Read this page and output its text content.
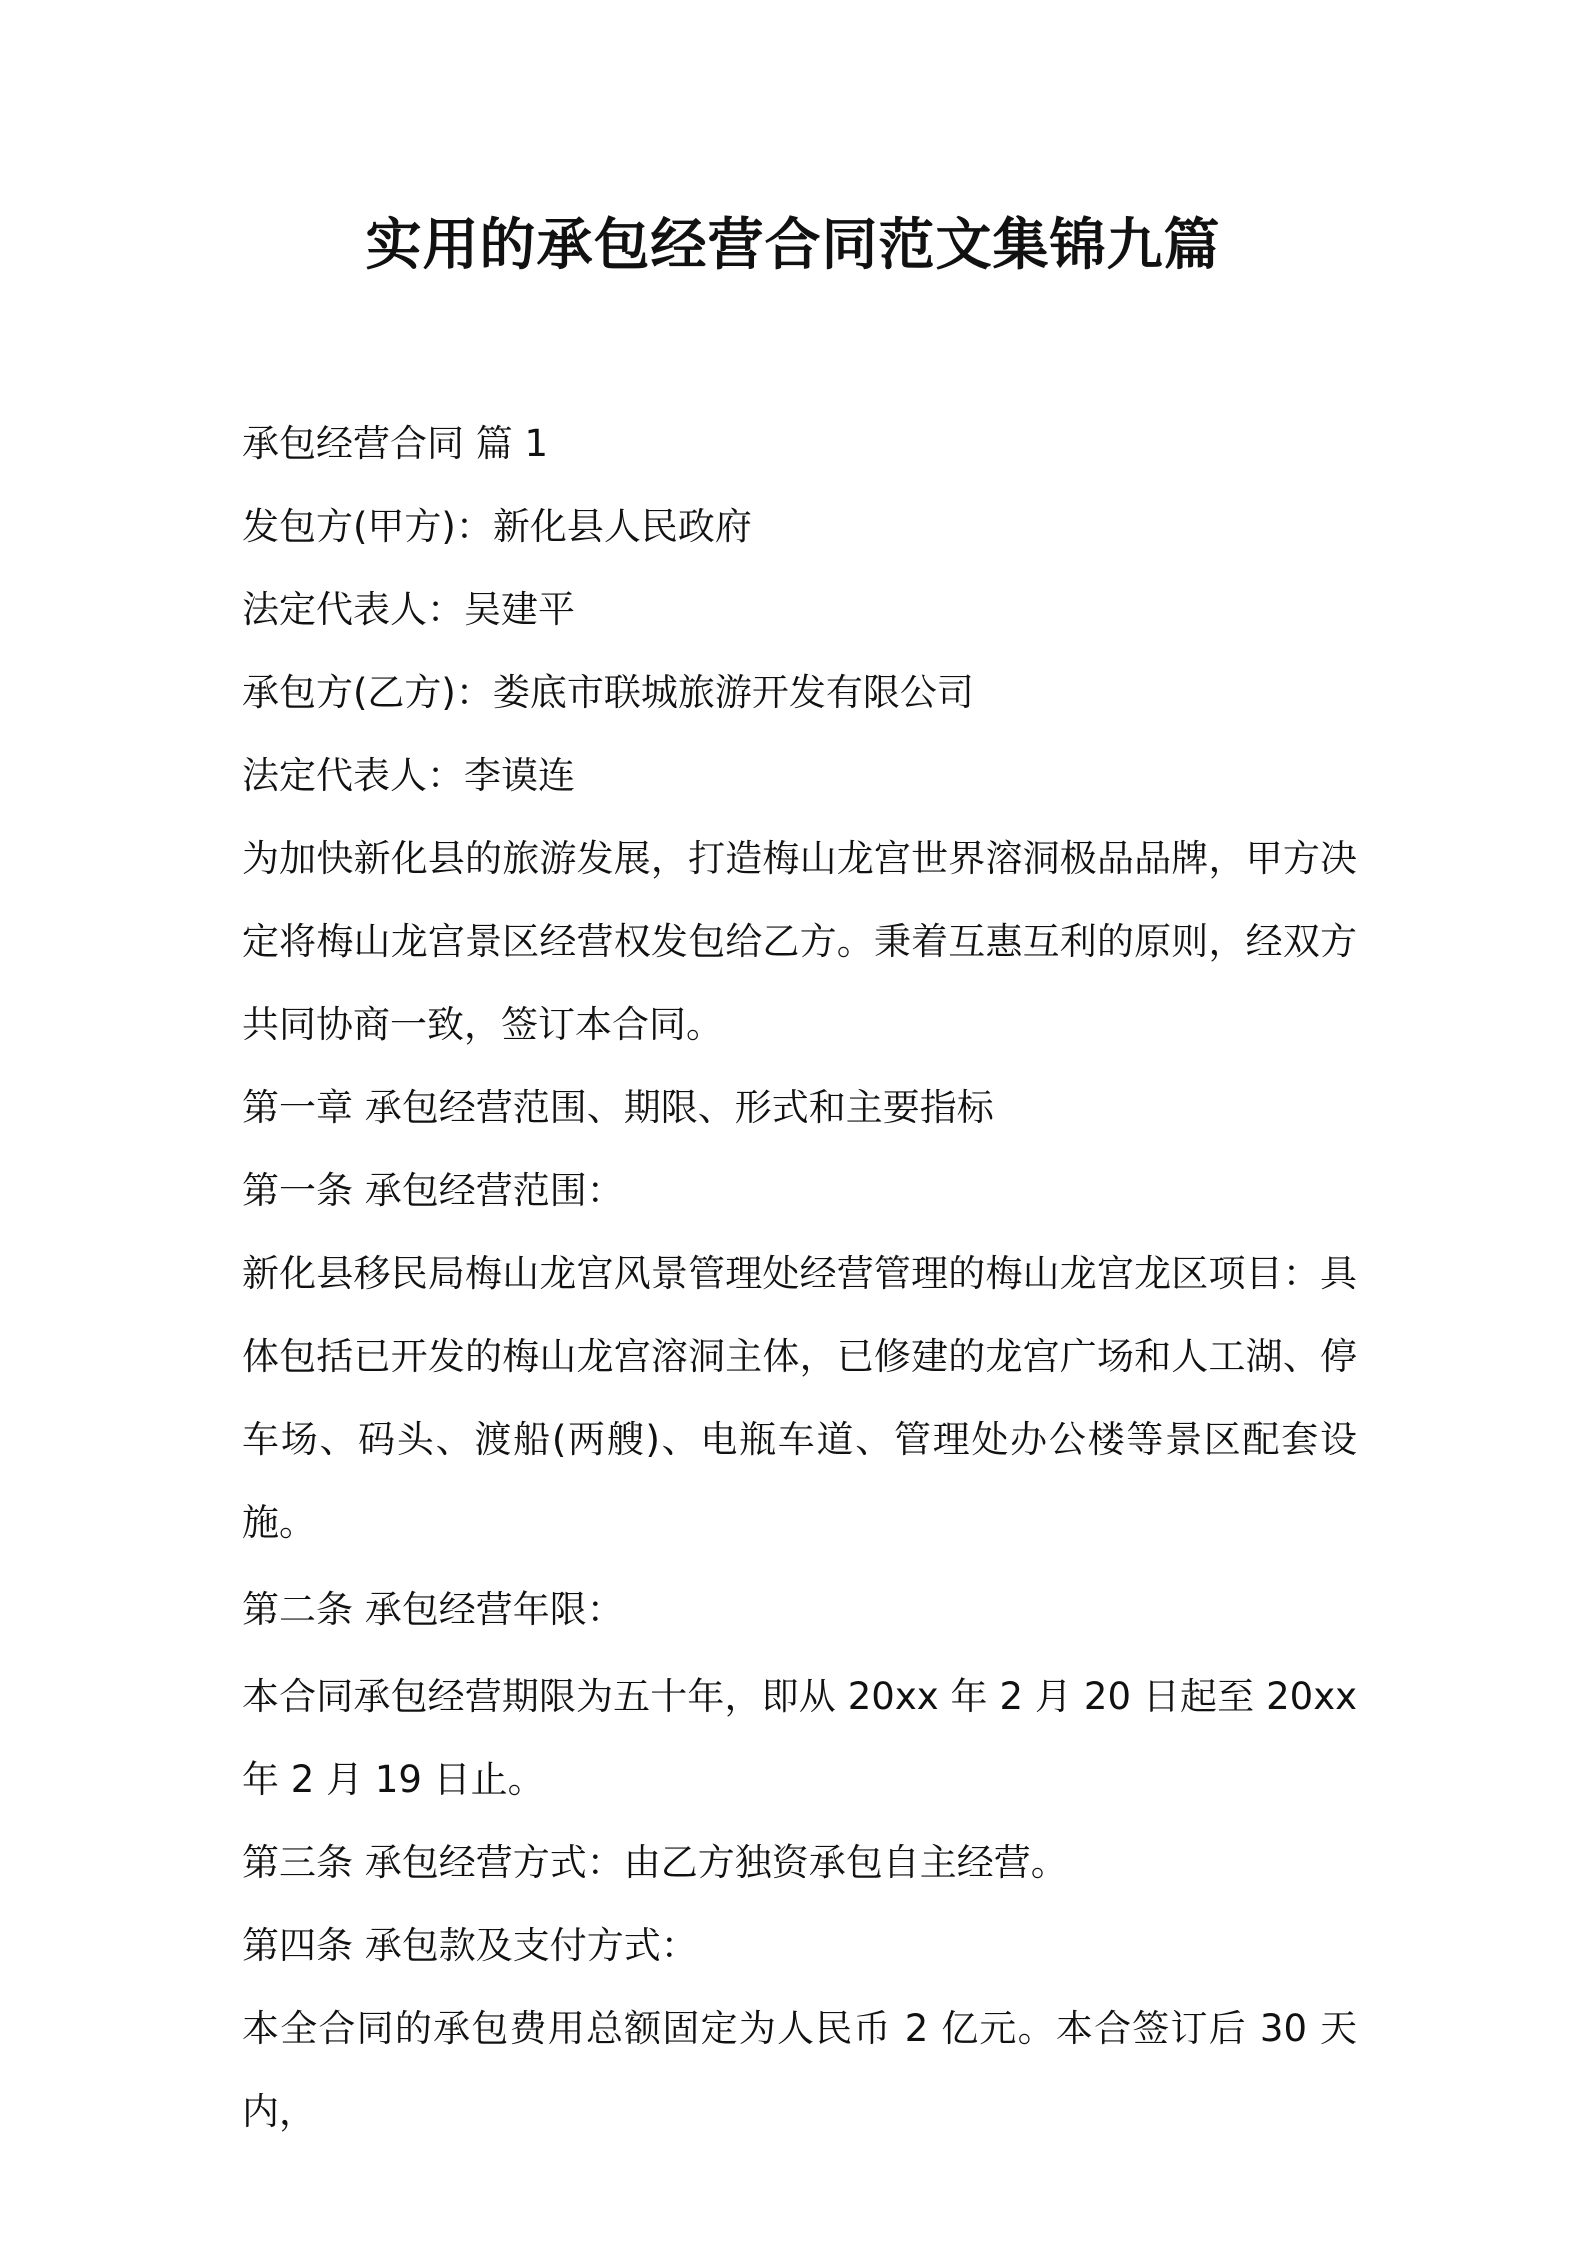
实用的承包经营合同范文集锦九篇

承包经营合同 篇 1

发包方(甲方)：新化县人民政府

法定代表人：吴建平

承包方(乙方)：娄底市联城旅游开发有限公司

法定代表人：李谟连

为加快新化县的旅游发展，打造梅山龙宫世界溶洞极品品牌，甲方决定将梅山龙宫景区经营权发包给乙方。秉着互惠互利的原则，经双方共同协商一致，签订本合同。

第一章 承包经营范围、期限、形式和主要指标

第一条 承包经营范围：

新化县移民局梅山龙宫风景管理处经营管理的梅山龙宫龙区项目：具体包括已开发的梅山龙宫溶洞主体，已修建的龙宫广场和人工湖、停车场、码头、渡船(两艘)、电瓶车道、管理处办公楼等景区配套设施。

第二条 承包经营年限：

本合同承包经营期限为五十年，即从 20xx 年 2 月 20 日起至 20xx 年 2 月 19 日止。

第三条 承包经营方式：由乙方独资承包自主经营。

第四条 承包款及支付方式：

本全合同的承包费用总额固定为人民币 2 亿元。本合签订后 30 天内，
